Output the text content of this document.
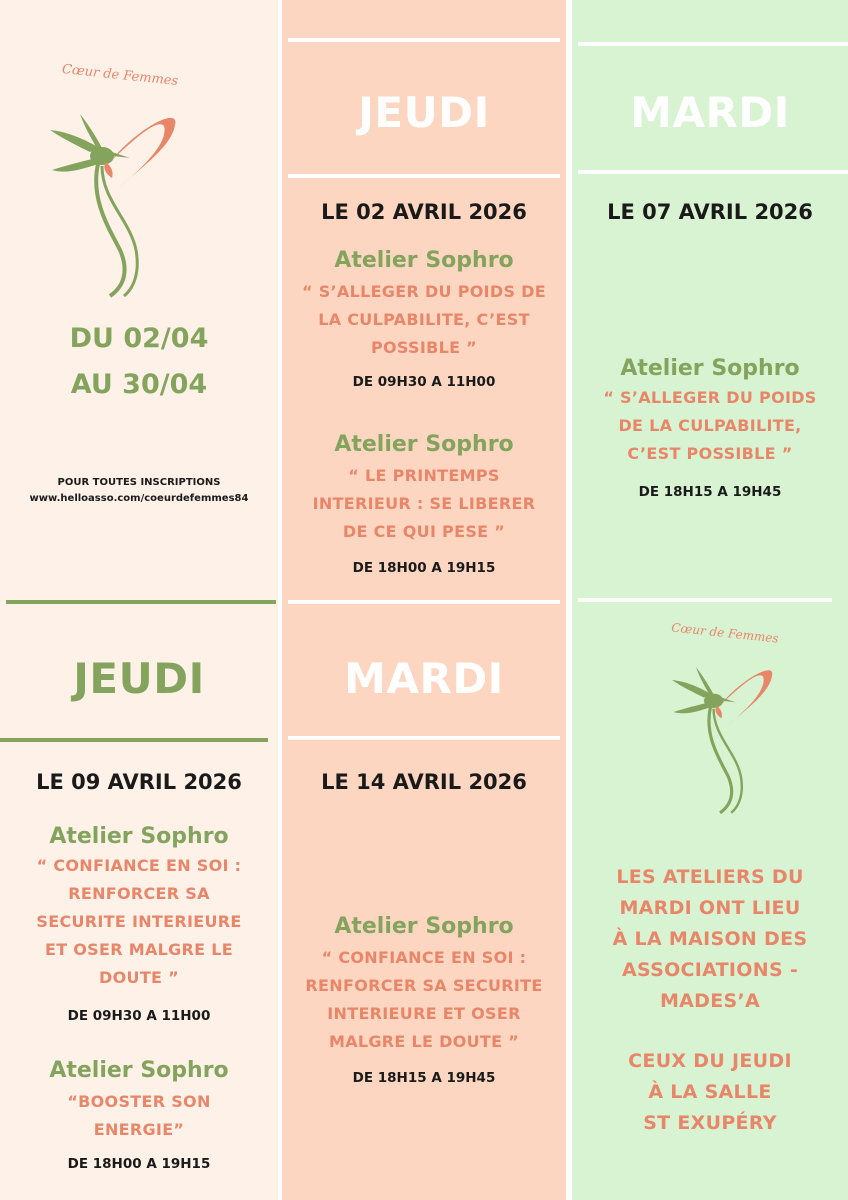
Cœur de Femmes
DU 02/04
AU 30/04
POUR TOUTES INSCRIPTIONS
www.helloasso.com/coeurdefemmes84
JEUDI
LE 02 AVRIL 2026
Atelier Sophro
“ S’ALLEGER DU POIDS DE
LA CULPABILITE, C’EST
POSSIBLE ”
DE 09H30 A 11H00
Atelier Sophro
“ LE PRINTEMPS
INTERIEUR : SE LIBERER
DE CE QUI PESE ”
DE 18H00 A 19H15
MARDI
LE 07 AVRIL 2026
Atelier Sophro
“ S’ALLEGER DU POIDS
DE LA CULPABILITE,
C’EST POSSIBLE ”
DE 18H15 A 19H45
JEUDI
LE 09 AVRIL 2026
Atelier Sophro
“ CONFIANCE EN SOI :
RENFORCER SA
SECURITE INTERIEURE
ET OSER MALGRE LE
DOUTE ”
DE 09H30 A 11H00
Atelier Sophro
“BOOSTER SON
ENERGIE”
DE 18H00 A 19H15
MARDI
LE 14 AVRIL 2026
Atelier Sophro
“ CONFIANCE EN SOI :
RENFORCER SA SECURITE
INTERIEURE ET OSER
MALGRE LE DOUTE ”
DE 18H15 A 19H45
Cœur de Femmes
LES ATELIERS DU
MARDI ONT LIEU
À LA MAISON DES
ASSOCIATIONS -
MADES’A
CEUX DU JEUDI
À LA SALLE
ST EXUPÉRY
